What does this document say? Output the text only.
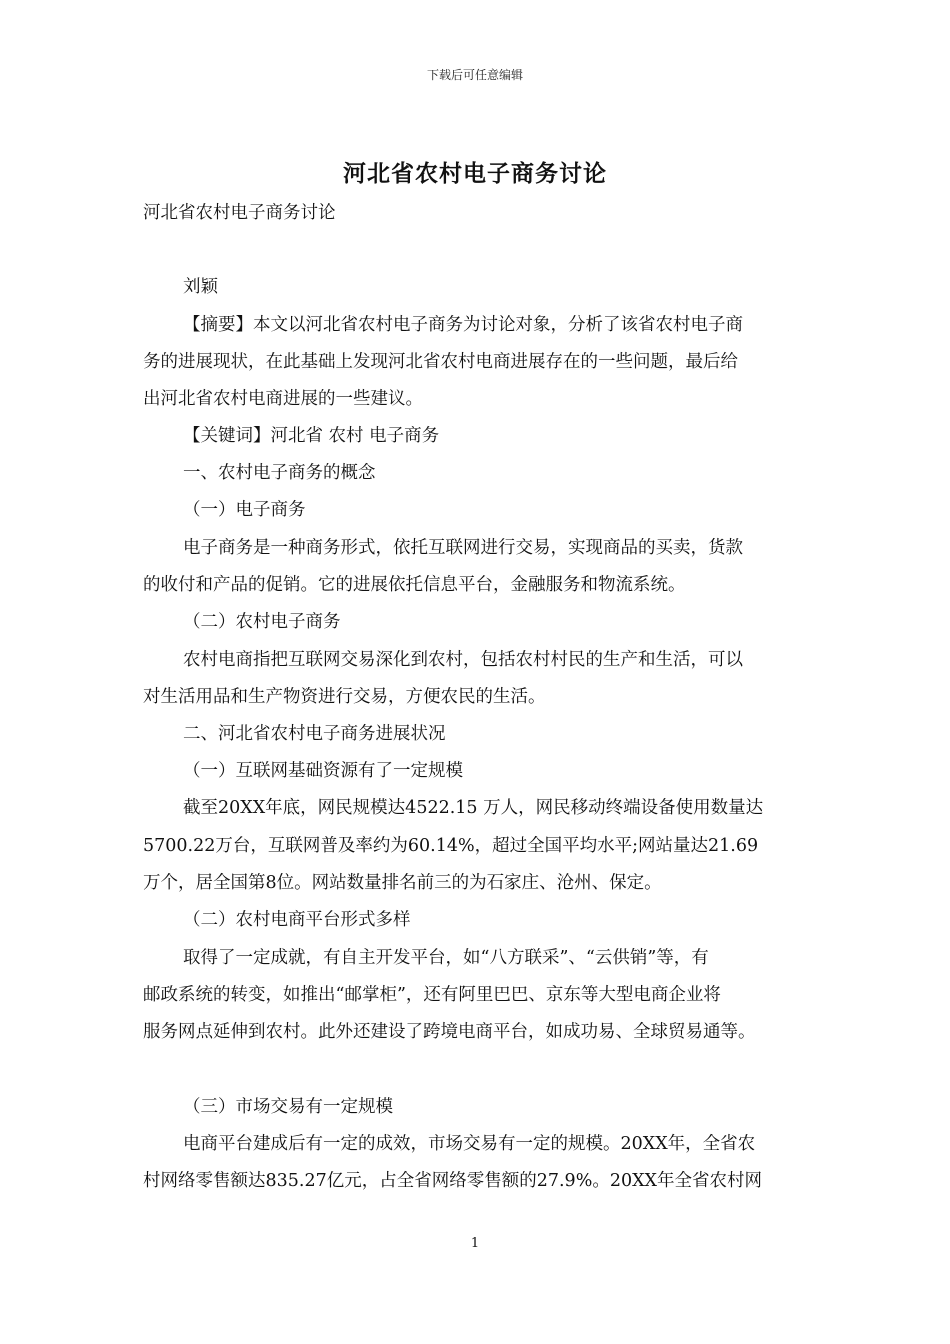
下载后可任意编辑
河北省农村电子商务讨论
河北省农村电子商务讨论
刘颖
【摘要】本文以河北省农村电子商务为讨论对象，分析了该省农村电子商
务的进展现状，在此基础上发现河北省农村电商进展存在的一些问题，最后给
出河北省农村电商进展的一些建议。
【关键词】河北省 农村 电子商务
一、农村电子商务的概念
（一）电子商务
电子商务是一种商务形式，依托互联网进行交易，实现商品的买卖，货款
的收付和产品的促销。它的进展依托信息平台，金融服务和物流系统。
（二）农村电子商务
农村电商指把互联网交易深化到农村，包括农村村民的生产和生活，可以
对生活用品和生产物资进行交易，方便农民的生活。
二、河北省农村电子商务进展状况
（一）互联网基础资源有了一定规模
截至20XX年底，网民规模达4522.15 万人，网民移动终端设备使用数量达
5700.22万台，互联网普及率约为60.14%，超过全国平均水平;网站量达21.69
万个，居全国第8位。网站数量排名前三的为石家庄、沧州、保定。
（二）农村电商平台形式多样
取得了一定成就，有自主开发平台，如“八方联采”、“云供销”等，有
邮政系统的转变，如推出“邮掌柜”，还有阿里巴巴、京东等大型电商企业将
服务网点延伸到农村。此外还建设了跨境电商平台，如成功易、全球贸易通等。
（三）市场交易有一定规模
电商平台建成后有一定的成效，市场交易有一定的规模。20XX年，全省农
村网络零售额达835.27亿元，占全省网络零售额的27.9%。20XX年全省农村网
1
